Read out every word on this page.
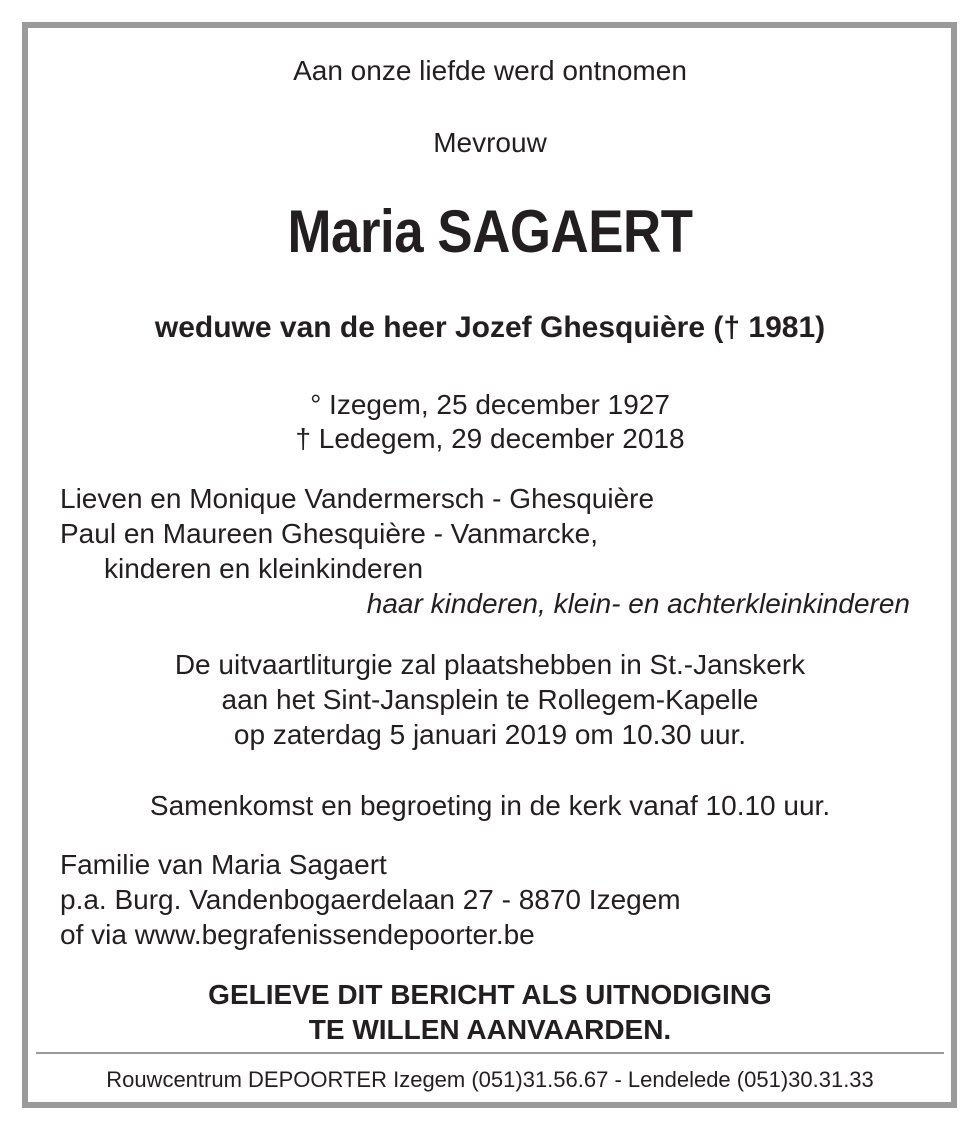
Aan onze liefde werd ontnomen
Mevrouw
Maria SAGAERT
weduwe van de heer Jozef Ghesquière († 1981)
° Izegem, 25 december 1927
† Ledegem, 29 december 2018
Lieven en Monique Vandermersch - Ghesquière
Paul en Maureen Ghesquière - Vanmarcke,
kinderen en kleinkinderen
haar kinderen, klein- en achterkleinkinderen
De uitvaartliturgie zal plaatshebben in St.-Janskerk
aan het Sint-Jansplein te Rollegem-Kapelle
op zaterdag 5 januari 2019 om 10.30 uur.
Samenkomst en begroeting in de kerk vanaf 10.10 uur.
Familie van Maria Sagaert
p.a. Burg. Vandenbogaerdelaan 27 - 8870 Izegem
of via www.begrafenissendepoorter.be
GELIEVE DIT BERICHT ALS UITNODIGING
TE WILLEN AANVAARDEN.
Rouwcentrum DEPOORTER Izegem (051)31.56.67 - Lendelede (051)30.31.33
